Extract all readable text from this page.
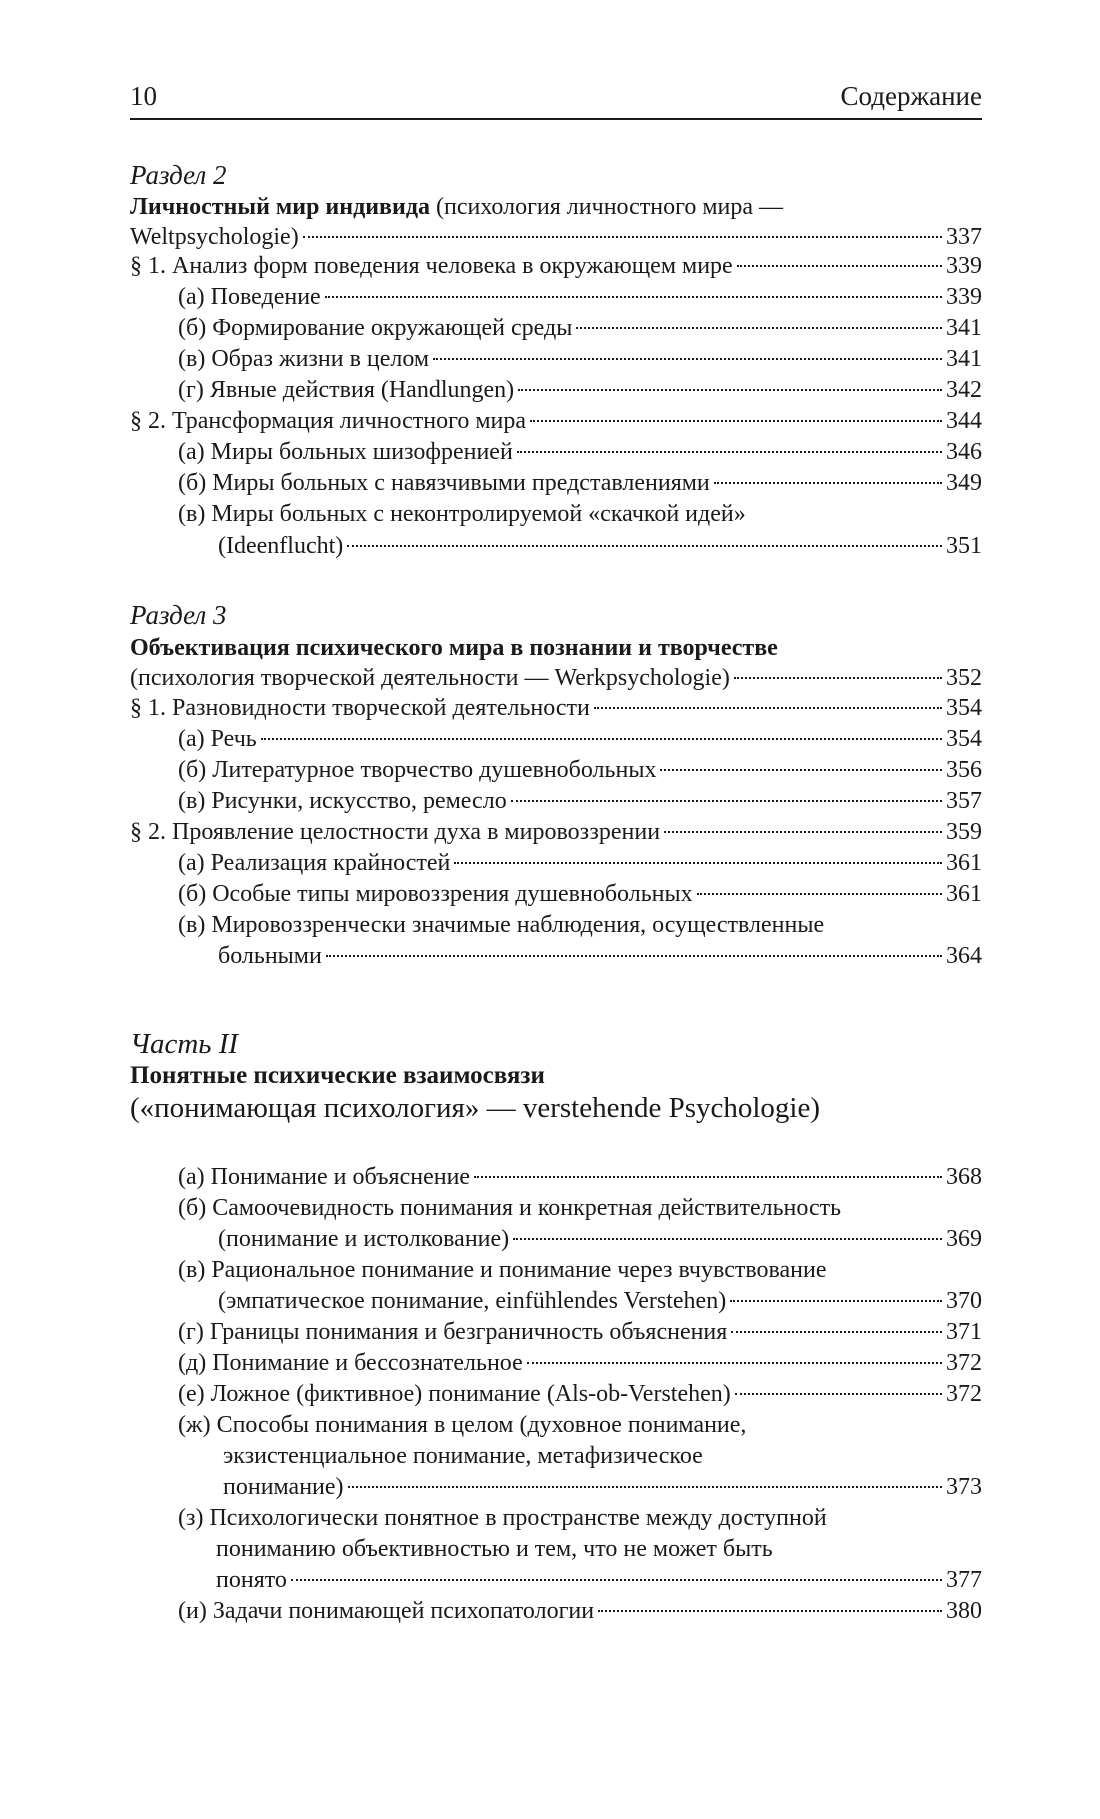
10	Содержание
Раздел 2
Личностный мир индивида (психология личностного мира —
Weltpsychologie)	337
§ 1. Анализ форм поведения человека в окружающем мире	339
(а) Поведение	339
(б) Формирование окружающей среды	341
(в) Образ жизни в целом	341
(г) Явные действия (Handlungen)	342
§ 2. Трансформация личностного мира	344
(а) Миры больных шизофренией	346
(б) Миры больных с навязчивыми представлениями	349
(в) Миры больных с неконтролируемой «скачкой идей»
(Ideenflucht)	351
Раздел 3
Объективация психического мира в познании и творчестве
(психология творческой деятельности — Werkpsychologie)	352
§ 1. Разновидности творческой деятельности	354
(а) Речь	354
(б) Литературное творчество душевнобольных	356
(в) Рисунки, искусство, ремесло	357
§ 2. Проявление целостности духа в мировоззрении	359
(а) Реализация крайностей	361
(б) Особые типы мировоззрения душевнобольных	361
(в) Мировоззренчески значимые наблюдения, осуществленные
больными	364
Часть II
Понятные психические взаимосвязи
(«понимающая психология» — verstehende Psychologie)
(а) Понимание и объяснение	368
(б) Самоочевидность понимания и конкретная действительность
(понимание и истолкование)	369
(в) Рациональное понимание и понимание через вчувствование
(эмпатическое понимание, einfühlendes Verstehen)	370
(г) Границы понимания и безграничность объяснения	371
(д) Понимание и бессознательное	372
(е) Ложное (фиктивное) понимание (Als-ob-Verstehen)	372
(ж) Способы понимания в целом (духовное понимание,
экзистенциальное понимание, метафизическое
понимание)	373
(з) Психологически понятное в пространстве между доступной
пониманию объективностью и тем, что не может быть
понято	377
(и) Задачи понимающей психопатологии	380
